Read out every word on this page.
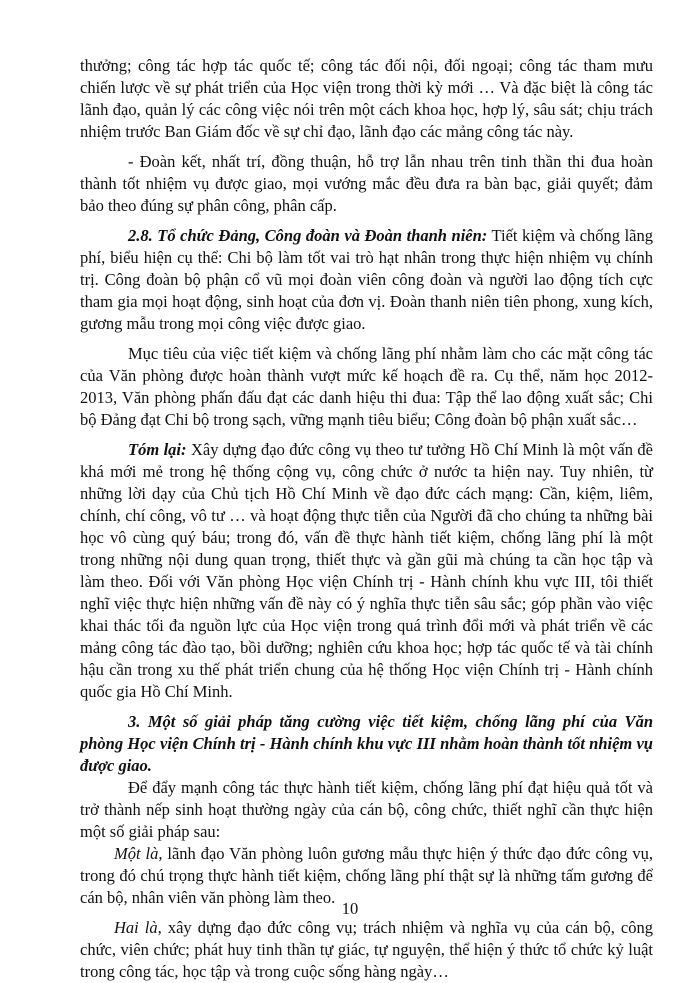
thưởng; công tác hợp tác quốc tế; công tác đối nội, đối ngoại; công tác tham mưu chiến lược về sự phát triển của Học viện trong thời kỳ mới … Và đặc biệt là công tác lãnh đạo, quản lý các công việc nói trên một cách khoa học, hợp lý, sâu sát; chịu trách nhiệm trước Ban Giám đốc về sự chỉ đạo, lãnh đạo các mảng công tác này.

- Đoàn kết, nhất trí, đồng thuận, hỗ trợ lẫn nhau trên tinh thần thi đua hoàn thành tốt nhiệm vụ được giao, mọi vướng mắc đều đưa ra bàn bạc, giải quyết; đảm bảo theo đúng sự phân công, phân cấp.

2.8. Tổ chức Đảng, Công đoàn và Đoàn thanh niên: Tiết kiệm và chống lãng phí, biểu hiện cụ thể: Chi bộ làm tốt vai trò hạt nhân trong thực hiện nhiệm vụ chính trị. Công đoàn bộ phận cổ vũ mọi đoàn viên công đoàn và người lao động tích cực tham gia mọi hoạt động, sinh hoạt của đơn vị. Đoàn thanh niên tiên phong, xung kích, gương mẫu trong mọi công việc được giao.

Mục tiêu của việc tiết kiệm và chống lãng phí nhằm làm cho các mặt công tác của Văn phòng được hoàn thành vượt mức kế hoạch đề ra. Cụ thể, năm học 2012-2013, Văn phòng phấn đấu đạt các danh hiệu thi đua: Tập thể lao động xuất sắc; Chi bộ Đảng đạt Chi bộ trong sạch, vững mạnh tiêu biểu; Công đoàn bộ phận xuất sắc…

Tóm lại: Xây dựng đạo đức công vụ theo tư tưởng Hồ Chí Minh là một vấn đề khá mới mẻ trong hệ thống cộng vụ, công chức ở nước ta hiện nay. Tuy nhiên, từ những lời dạy của Chủ tịch Hồ Chí Minh về đạo đức cách mạng: Cần, kiệm, liêm, chính, chí công, vô tư … và hoạt động thực tiễn của Người đã cho chúng ta những bài học vô cùng quý báu; trong đó, vấn đề thực hành tiết kiệm, chống lãng phí là một trong những nội dung quan trọng, thiết thực và gần gũi mà chúng ta cần học tập và làm theo. Đối với Văn phòng Học viện Chính trị - Hành chính khu vực III, tôi thiết nghĩ việc thực hiện những vấn đề này có ý nghĩa thực tiễn sâu sắc; góp phần vào việc khai thác tối đa nguồn lực của Học viện trong quá trình đổi mới và phát triển về các mảng công tác đào tạo, bồi dưỡng; nghiên cứu khoa học; hợp tác quốc tế và tài chính hậu cần trong xu thế phát triển chung của hệ thống Học viện Chính trị - Hành chính quốc gia Hồ Chí Minh.

3. Một số giải pháp tăng cường việc tiết kiệm, chống lãng phí của Văn phòng Học viện Chính trị - Hành chính khu vực III nhằm hoàn thành tốt nhiệm vụ được giao.

Để đẩy mạnh công tác thực hành tiết kiệm, chống lãng phí đạt hiệu quả tốt và trở thành nếp sinh hoạt thường ngày của cán bộ, công chức, thiết nghĩ cần thực hiện một số giải pháp sau:

Một là, lãnh đạo Văn phòng luôn gương mẫu thực hiện ý thức đạo đức công vụ, trong đó chú trọng thực hành tiết kiệm, chống lãng phí thật sự là những tấm gương để cán bộ, nhân viên văn phòng làm theo.

Hai là, xây dựng đạo đức công vụ; trách nhiệm và nghĩa vụ của cán bộ, công chức, viên chức; phát huy tinh thần tự giác, tự nguyện, thể hiện ý thức tổ chức kỷ luật trong công tác, học tập và trong cuộc sống hàng ngày…

10
